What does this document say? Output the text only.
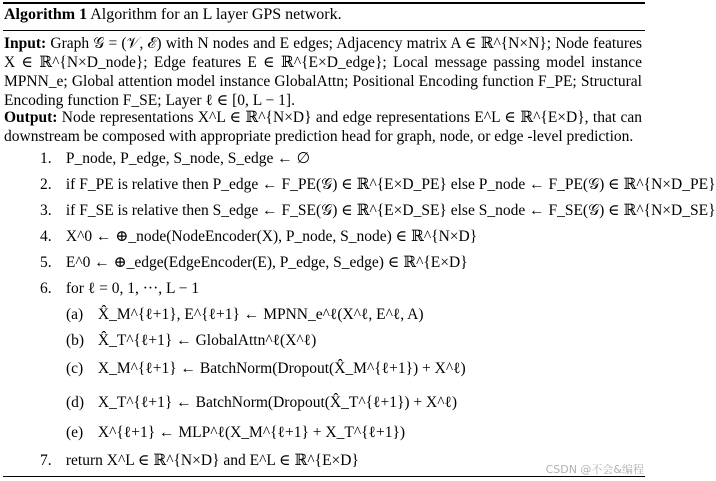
Algorithm 1 Algorithm for an L layer GPS network.
Input: Graph 𝒢 = (𝒱, ℰ) with N nodes and E edges; Adjacency matrix A ∈ ℝ^{N×N}; Node features X ∈ ℝ^{N×D_node}; Edge features E ∈ ℝ^{E×D_edge}; Local message passing model instance MPNN_e; Global attention model instance GlobalAttn; Positional Encoding function F_PE; Structural Encoding function F_SE; Layer ℓ ∈ [0, L − 1].
Output: Node representations X^L ∈ ℝ^{N×D} and edge representations E^L ∈ ℝ^{E×D}, that can downstream be composed with appropriate prediction head for graph, node, or edge -level prediction.
1. P_node, P_edge, S_node, S_edge ← ∅
2. if F_PE is relative then P_edge ← F_PE(𝒢) ∈ ℝ^{E×D_PE} else P_node ← F_PE(𝒢) ∈ ℝ^{N×D_PE}
3. if F_SE is relative then S_edge ← F_SE(𝒢) ∈ ℝ^{E×D_SE} else S_node ← F_SE(𝒢) ∈ ℝ^{N×D_SE}
4. X^0 ← ⊕_node(NodeEncoder(X), P_node, S_node) ∈ ℝ^{N×D}
5. E^0 ← ⊕_edge(EdgeEncoder(E), P_edge, S_edge) ∈ ℝ^{E×D}
6. for ℓ = 0, 1, ···, L − 1
(a) X̂_M^{ℓ+1}, E^{ℓ+1} ← MPNN_e^ℓ(X^ℓ, E^ℓ, A)
(b) X̂_T^{ℓ+1} ← GlobalAttn^ℓ(X^ℓ)
(c) X_M^{ℓ+1} ← BatchNorm(Dropout(X̂_M^{ℓ+1}) + X^ℓ)
(d) X_T^{ℓ+1} ← BatchNorm(Dropout(X̂_T^{ℓ+1}) + X^ℓ)
(e) X^{ℓ+1} ← MLP^ℓ(X_M^{ℓ+1} + X_T^{ℓ+1})
7. return X^L ∈ ℝ^{N×D} and E^L ∈ ℝ^{E×D}
CSDN @不会&编程
